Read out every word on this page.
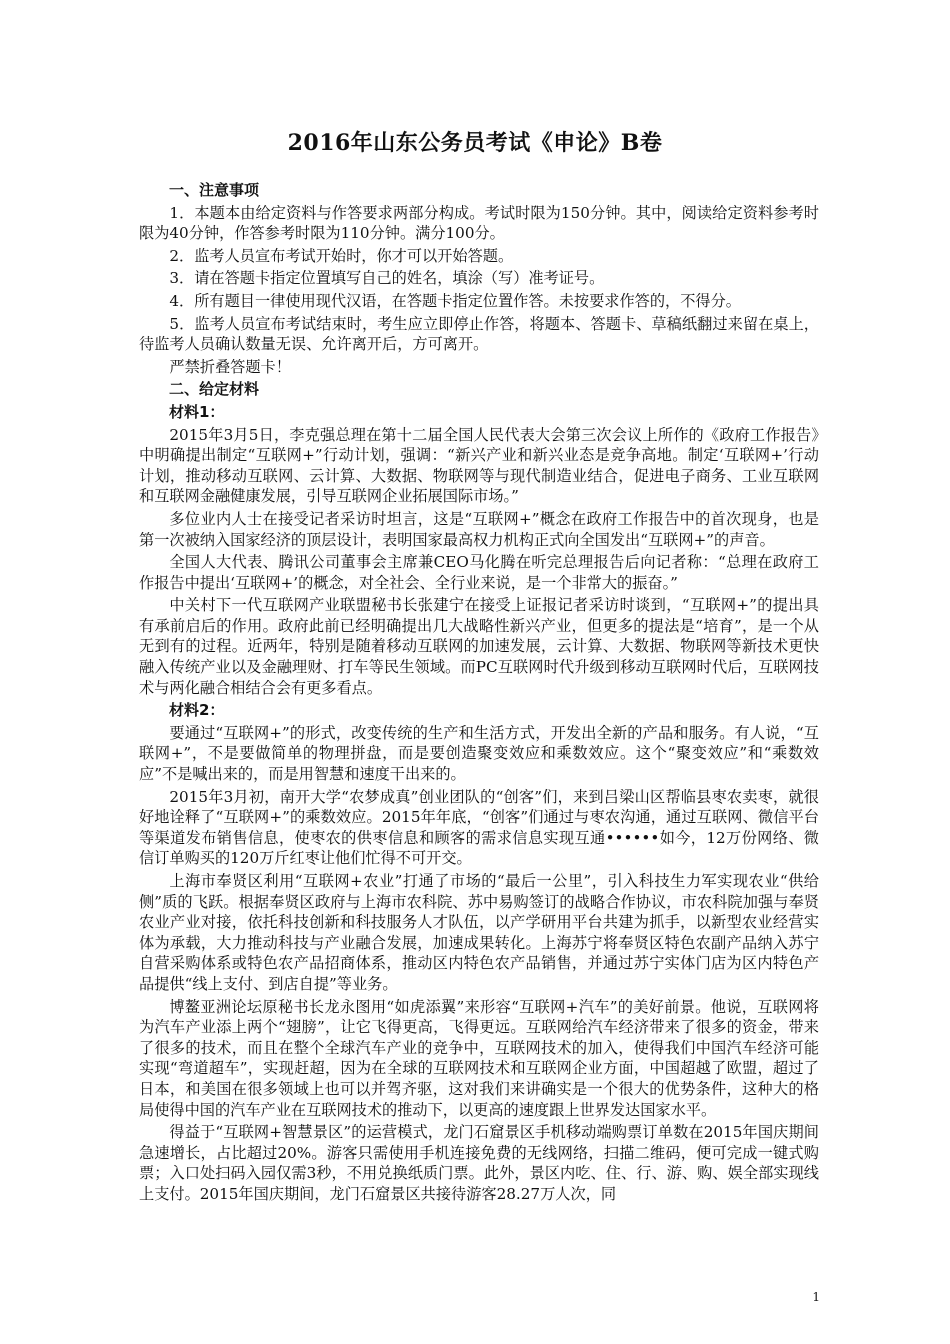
2016年山东公务员考试《申论》B卷

一、注意事项

1．本题本由给定资料与作答要求两部分构成。考试时限为150分钟。其中，阅读给定资料参考时限为40分钟，作答参考时限为110分钟。满分100分。

2．监考人员宣布考试开始时，你才可以开始答题。

3．请在答题卡指定位置填写自己的姓名，填涂（写）准考证号。

4．所有题目一律使用现代汉语，在答题卡指定位置作答。未按要求作答的，不得分。

5．监考人员宣布考试结束时，考生应立即停止作答，将题本、答题卡、草稿纸翻过来留在桌上，待监考人员确认数量无误、允许离开后，方可离开。

严禁折叠答题卡！

二、给定材料

材料1：

2015年3月5日，李克强总理在第十二届全国人民代表大会第三次会议上所作的《政府工作报告》中明确提出制定“互联网+”行动计划，强调：“新兴产业和新兴业态是竞争高地。制定‘互联网+’行动计划，推动移动互联网、云计算、大数据、物联网等与现代制造业结合，促进电子商务、工业互联网和互联网金融健康发展，引导互联网企业拓展国际市场。”

多位业内人士在接受记者采访时坦言，这是“互联网+”概念在政府工作报告中的首次现身，也是第一次被纳入国家经济的顶层设计，表明国家最高权力机构正式向全国发出“互联网+”的声音。

全国人大代表、腾讯公司董事会主席兼CEO马化腾在听完总理报告后向记者称：“总理在政府工作报告中提出‘互联网+’的概念，对全社会、全行业来说，是一个非常大的振奋。”

中关村下一代互联网产业联盟秘书长张建宁在接受上证报记者采访时谈到，“互联网+”的提出具有承前启后的作用。政府此前已经明确提出几大战略性新兴产业，但更多的提法是“培育”，是一个从无到有的过程。近两年，特别是随着移动互联网的加速发展，云计算、大数据、物联网等新技术更快融入传统产业以及金融理财、打车等民生领域。而PC互联网时代升级到移动互联网时代后，互联网技术与两化融合相结合会有更多看点。

材料2：

要通过“互联网+”的形式，改变传统的生产和生活方式，开发出全新的产品和服务。有人说，“互联网+”，不是要做简单的物理拼盘，而是要创造聚变效应和乘数效应。这个“聚变效应”和“乘数效应”不是喊出来的，而是用智慧和速度干出来的。

2015年3月初，南开大学“农梦成真”创业团队的“创客”们，来到吕梁山区帮临县枣农卖枣，就很好地诠释了“互联网+”的乘数效应。2015年年底，“创客”们通过与枣农沟通，通过互联网、微信平台等渠道发布销售信息，使枣农的供枣信息和顾客的需求信息实现互通••••••如今，12万份网络、微信订单购买的120万斤红枣让他们忙得不可开交。

上海市奉贤区利用“互联网+农业”打通了市场的“最后一公里”，引入科技生力军实现农业“供给侧”质的飞跃。根据奉贤区政府与上海市农科院、苏中易购签订的战略合作协议，市农科院加强与奉贤农业产业对接，依托科技创新和科技服务人才队伍，以产学研用平台共建为抓手，以新型农业经营实体为承载，大力推动科技与产业融合发展，加速成果转化。上海苏宁将奉贤区特色农副产品纳入苏宁自营采购体系或特色农产品招商体系，推动区内特色农产品销售，并通过苏宁实体门店为区内特色产品提供“线上支付、到店自提”等业务。

博鳌亚洲论坛原秘书长龙永图用“如虎添翼”来形容“互联网+汽车”的美好前景。他说，互联网将为汽车产业添上两个“翅膀”，让它飞得更高，飞得更远。互联网给汽车经济带来了很多的资金，带来了很多的技术，而且在整个全球汽车产业的竞争中，互联网技术的加入，使得我们中国汽车经济可能实现“弯道超车”，实现赶超，因为在全球的互联网技术和互联网企业方面，中国超越了欧盟，超过了日本，和美国在很多领域上也可以并驾齐驱，这对我们来讲确实是一个很大的优势条件，这种大的格局使得中国的汽车产业在互联网技术的推动下，以更高的速度跟上世界发达国家水平。

得益于“互联网+智慧景区”的运营模式，龙门石窟景区手机移动端购票订单数在2015年国庆期间急速增长，占比超过20%。游客只需使用手机连接免费的无线网络，扫描二维码，便可完成一键式购票；入口处扫码入园仅需3秒，不用兑换纸质门票。此外，景区内吃、住、行、游、购、娱全部实现线上支付。2015年国庆期间，龙门石窟景区共接待游客28.27万人次，同

1
